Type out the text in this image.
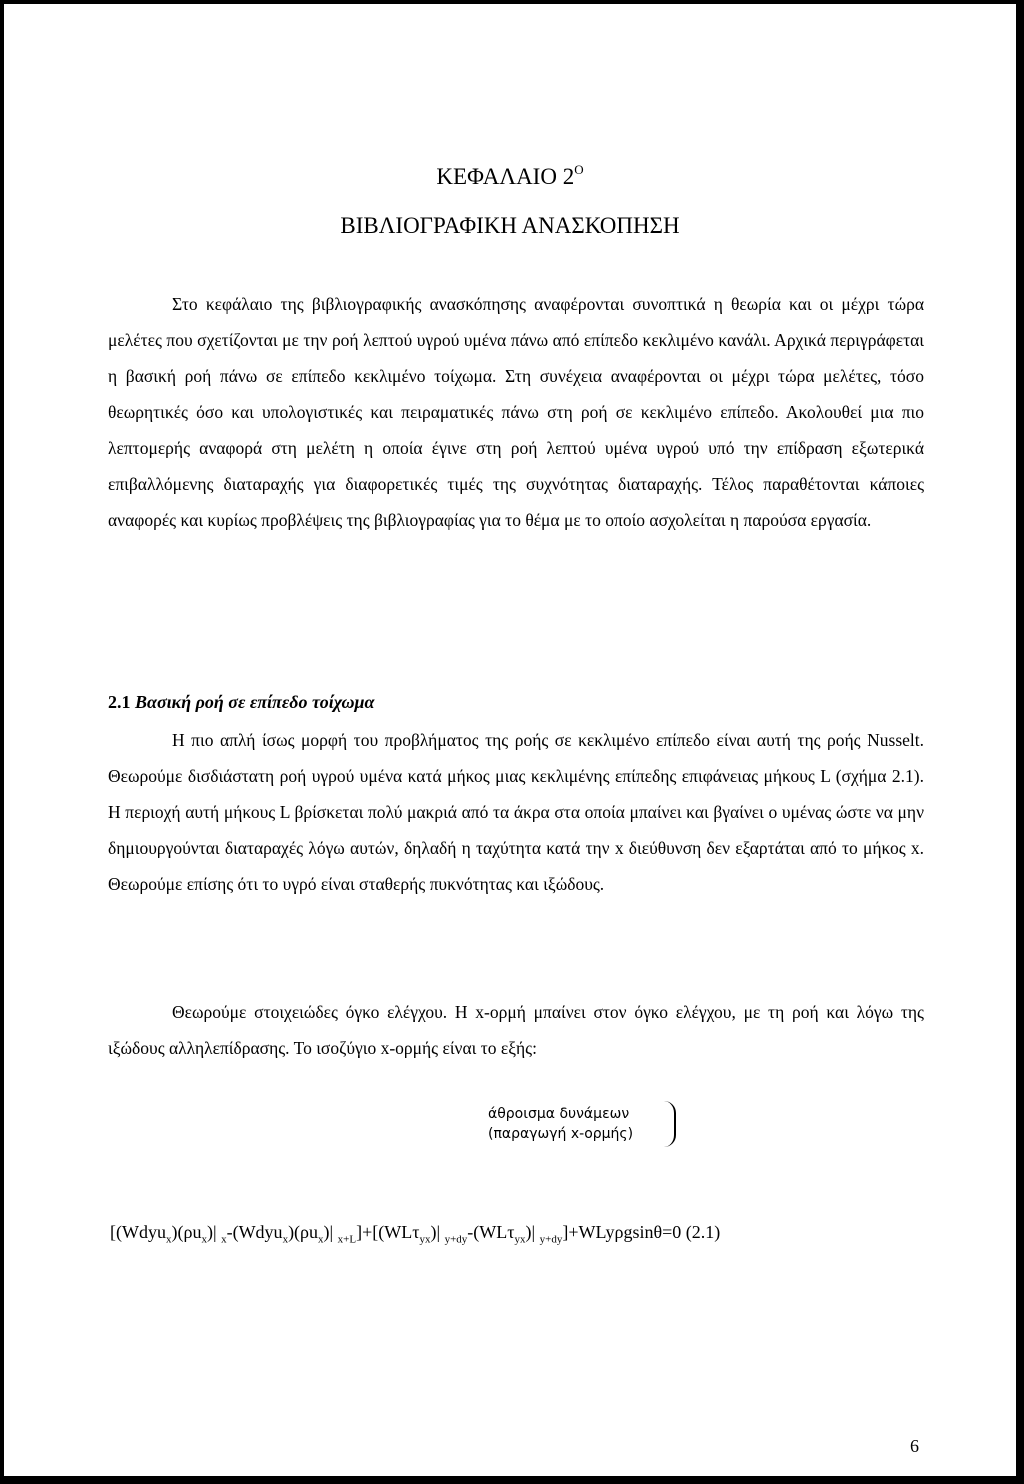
ΚΕΦΑΛΑΙΟ $2^O$
ΒΙΒΛΙΟΓΡΑΦΙΚΗ ΑΝΑΣΚΟΠΗΣΗ

Στο κεφάλαιο της βιβλιογραφικής ανασκόπησης αναφέρονται συνοπτικά η θεωρία και οι μέχρι τώρα μελέτες που σχετίζονται με την ροή λεπτού υγρού υμένα πάνω από επίπεδο κεκλιμένο κανάλι. Αρχικά περιγράφεται η βασική ροή πάνω σε επίπεδο κεκλιμένο τοίχωμα. Στη συνέχεια αναφέρονται οι μέχρι τώρα μελέτες, τόσο θεωρητικές όσο και υπολογιστικές και πειραματικές πάνω στη ροή σε κεκλιμένο επίπεδο. Ακολουθεί μια πιο λεπτομερής αναφορά στη μελέτη η οποία έγινε στη ροή λεπτού υμένα υγρού υπό την επίδραση εξωτερικά επιβαλλόμενης διαταραχής για διαφορετικές τιμές της συχνότητας διαταραχής. Τέλος παραθέτονται κάποιες αναφορές και κυρίως προβλέψεις της βιβλιογραφίας για το θέμα με το οποίο ασχολείται η παρούσα εργασία.

2.1 Βασική ροή σε επίπεδο τοίχωμα

Η πιο απλή ίσως μορφή του προβλήματος της ροής σε κεκλιμένο επίπεδο είναι αυτή της ροής Nusselt. Θεωρούμε δισδιάστατη ροή υγρού υμένα κατά μήκος μιας κεκλιμένης επίπεδης επιφάνειας μήκους L (σχήμα 2.1). Η περιοχή αυτή μήκους L βρίσκεται πολύ μακριά από τα άκρα στα οποία μπαίνει και βγαίνει ο υμένας ώστε να μην δημιουργούνται διαταραχές λόγω αυτών, δηλαδή η ταχύτητα κατά την x διεύθυνση δεν εξαρτάται από το μήκος x. Θεωρούμε επίσης ότι το υγρό είναι σταθερής πυκνότητας και ιξώδους.

Θεωρούμε στοιχειώδες όγκο ελέγχου. Η x-ορμή μπαίνει στον όγκο ελέγχου, με τη ροή και λόγω της ιξώδους αλληλεπίδρασης. Το ισοζύγιο x-ορμής είναι το εξής:

άθροισμα δυνάμεων
(παραγωγή x-ορμής)
[$(Wdyu_x)(\rho u_x)|$ $_x-(Wdyu_x)(\rho u_x)|$ $_{x+L}$]+[(WLτ$_{yx}$)| $_{y+dy}$-(WLτ$_{yx}$)| $_{y+dy}$]+WLyρgsinθ=0 (2.1)
6
